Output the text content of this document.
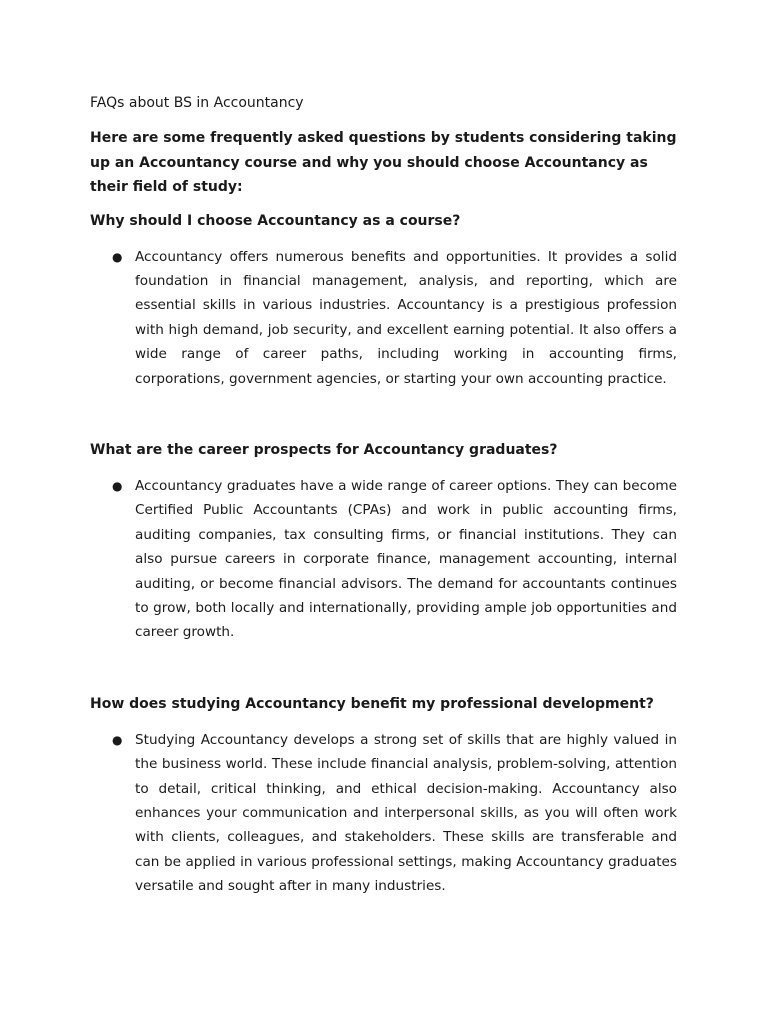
FAQs about BS in Accountancy
Here are some frequently asked questions by students considering taking up an Accountancy course and why you should choose Accountancy as their field of study:
Why should I choose Accountancy as a course?
● Accountancy offers numerous benefits and opportunities. It provides a solid foundation in financial management, analysis, and reporting, which are essential skills in various industries. Accountancy is a prestigious profession with high demand, job security, and excellent earning potential. It also offers a wide range of career paths, including working in accounting firms, corporations, government agencies, or starting your own accounting practice.
What are the career prospects for Accountancy graduates?
● Accountancy graduates have a wide range of career options. They can become Certified Public Accountants (CPAs) and work in public accounting firms, auditing companies, tax consulting firms, or financial institutions. They can also pursue careers in corporate finance, management accounting, internal auditing, or become financial advisors. The demand for accountants continues to grow, both locally and internationally, providing ample job opportunities and career growth.
How does studying Accountancy benefit my professional development?
● Studying Accountancy develops a strong set of skills that are highly valued in the business world. These include financial analysis, problem-solving, attention to detail, critical thinking, and ethical decision-making. Accountancy also enhances your communication and interpersonal skills, as you will often work with clients, colleagues, and stakeholders. These skills are transferable and can be applied in various professional settings, making Accountancy graduates versatile and sought after in many industries.
